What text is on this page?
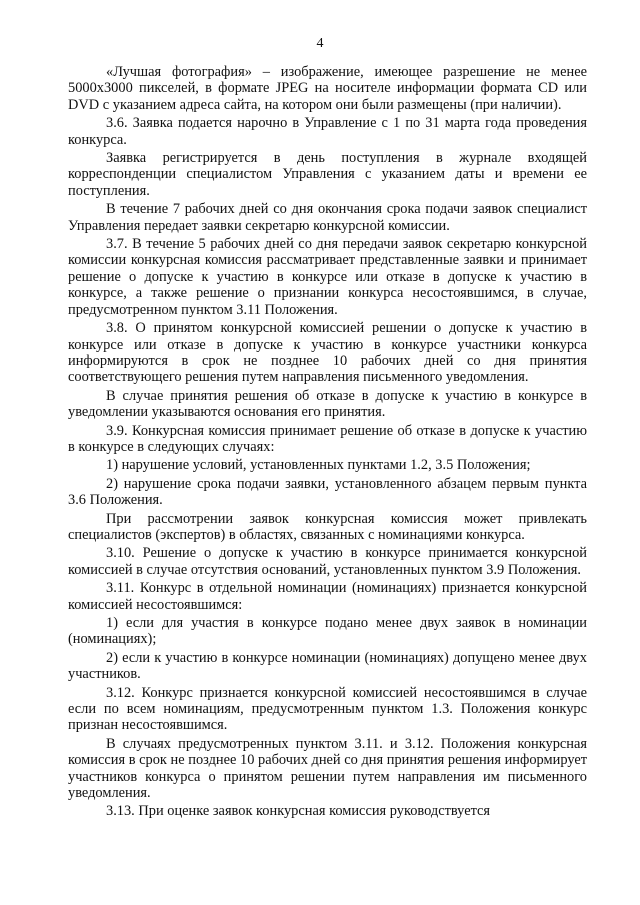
4

«Лучшая фотография» – изображение, имеющее разрешение не менее 5000х3000 пикселей, в формате JPEG на носителе информации формата CD или DVD с указанием адреса сайта, на котором они были размещены (при наличии).

3.6. Заявка подается нарочно в Управление с 1 по 31 марта года проведения конкурса.

Заявка регистрируется в день поступления в журнале входящей корреспонденции специалистом Управления с указанием даты и времени ее поступления.

В течение 7 рабочих дней со дня окончания срока подачи заявок специалист Управления передает заявки секретарю конкурсной комиссии.

3.7. В течение 5 рабочих дней со дня передачи заявок секретарю конкурсной комиссии конкурсная комиссия рассматривает представленные заявки и принимает решение о допуске к участию в конкурсе или отказе в допуске к участию в конкурсе, а также решение о признании конкурса несостоявшимся, в случае, предусмотренном пунктом 3.11 Положения.

3.8. О принятом конкурсной комиссией решении о допуске к участию в конкурсе или отказе в допуске к участию в конкурсе участники конкурса информируются в срок не позднее 10 рабочих дней со дня принятия соответствующего решения путем направления письменного уведомления.

В случае принятия решения об отказе в допуске к участию в конкурсе в уведомлении указываются основания его принятия.

3.9. Конкурсная комиссия принимает решение об отказе в допуске к участию в конкурсе в следующих случаях:

1) нарушение условий, установленных пунктами 1.2, 3.5 Положения;

2) нарушение срока подачи заявки, установленного абзацем первым пункта 3.6 Положения.

При рассмотрении заявок конкурсная комиссия может привлекать специалистов (экспертов) в областях, связанных с номинациями конкурса.

3.10. Решение о допуске к участию в конкурсе принимается конкурсной комиссией в случае отсутствия оснований, установленных пунктом 3.9 Положения.

3.11. Конкурс в отдельной номинации (номинациях) признается конкурсной комиссией несостоявшимся:

1) если для участия в конкурсе подано менее двух заявок в номинации (номинациях);

2) если к участию в конкурсе номинации (номинациях) допущено менее двух участников.

3.12. Конкурс признается конкурсной комиссией несостоявшимся в случае если по всем номинациям, предусмотренным пунктом 1.3. Положения конкурс признан несостоявшимся.

В случаях предусмотренных пунктом 3.11. и 3.12. Положения конкурсная комиссия в срок не позднее 10 рабочих дней со дня принятия решения информирует участников конкурса о принятом решении путем направления им письменного уведомления.

3.13. При оценке заявок конкурсная комиссия руководствуется
